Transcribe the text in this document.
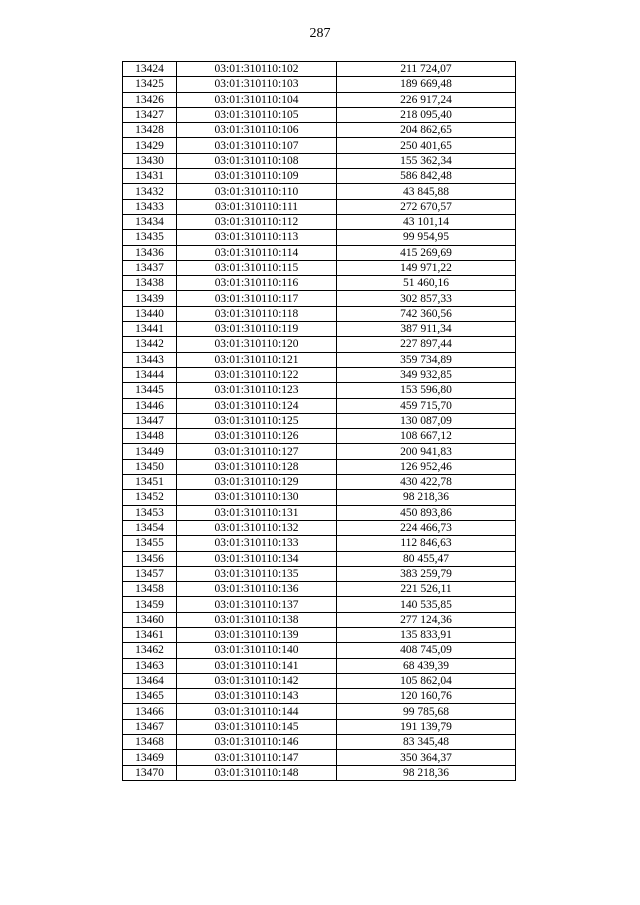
287
13424	03:01:310110:102	211 724,07
13425	03:01:310110:103	189 669,48
13426	03:01:310110:104	226 917,24
13427	03:01:310110:105	218 095,40
13428	03:01:310110:106	204 862,65
13429	03:01:310110:107	250 401,65
13430	03:01:310110:108	155 362,34
13431	03:01:310110:109	586 842,48
13432	03:01:310110:110	43 845,88
13433	03:01:310110:111	272 670,57
13434	03:01:310110:112	43 101,14
13435	03:01:310110:113	99 954,95
13436	03:01:310110:114	415 269,69
13437	03:01:310110:115	149 971,22
13438	03:01:310110:116	51 460,16
13439	03:01:310110:117	302 857,33
13440	03:01:310110:118	742 360,56
13441	03:01:310110:119	387 911,34
13442	03:01:310110:120	227 897,44
13443	03:01:310110:121	359 734,89
13444	03:01:310110:122	349 932,85
13445	03:01:310110:123	153 596,80
13446	03:01:310110:124	459 715,70
13447	03:01:310110:125	130 087,09
13448	03:01:310110:126	108 667,12
13449	03:01:310110:127	200 941,83
13450	03:01:310110:128	126 952,46
13451	03:01:310110:129	430 422,78
13452	03:01:310110:130	98 218,36
13453	03:01:310110:131	450 893,86
13454	03:01:310110:132	224 466,73
13455	03:01:310110:133	112 846,63
13456	03:01:310110:134	80 455,47
13457	03:01:310110:135	383 259,79
13458	03:01:310110:136	221 526,11
13459	03:01:310110:137	140 535,85
13460	03:01:310110:138	277 124,36
13461	03:01:310110:139	135 833,91
13462	03:01:310110:140	408 745,09
13463	03:01:310110:141	68 439,39
13464	03:01:310110:142	105 862,04
13465	03:01:310110:143	120 160,76
13466	03:01:310110:144	99 785,68
13467	03:01:310110:145	191 139,79
13468	03:01:310110:146	83 345,48
13469	03:01:310110:147	350 364,37
13470	03:01:310110:148	98 218,36
